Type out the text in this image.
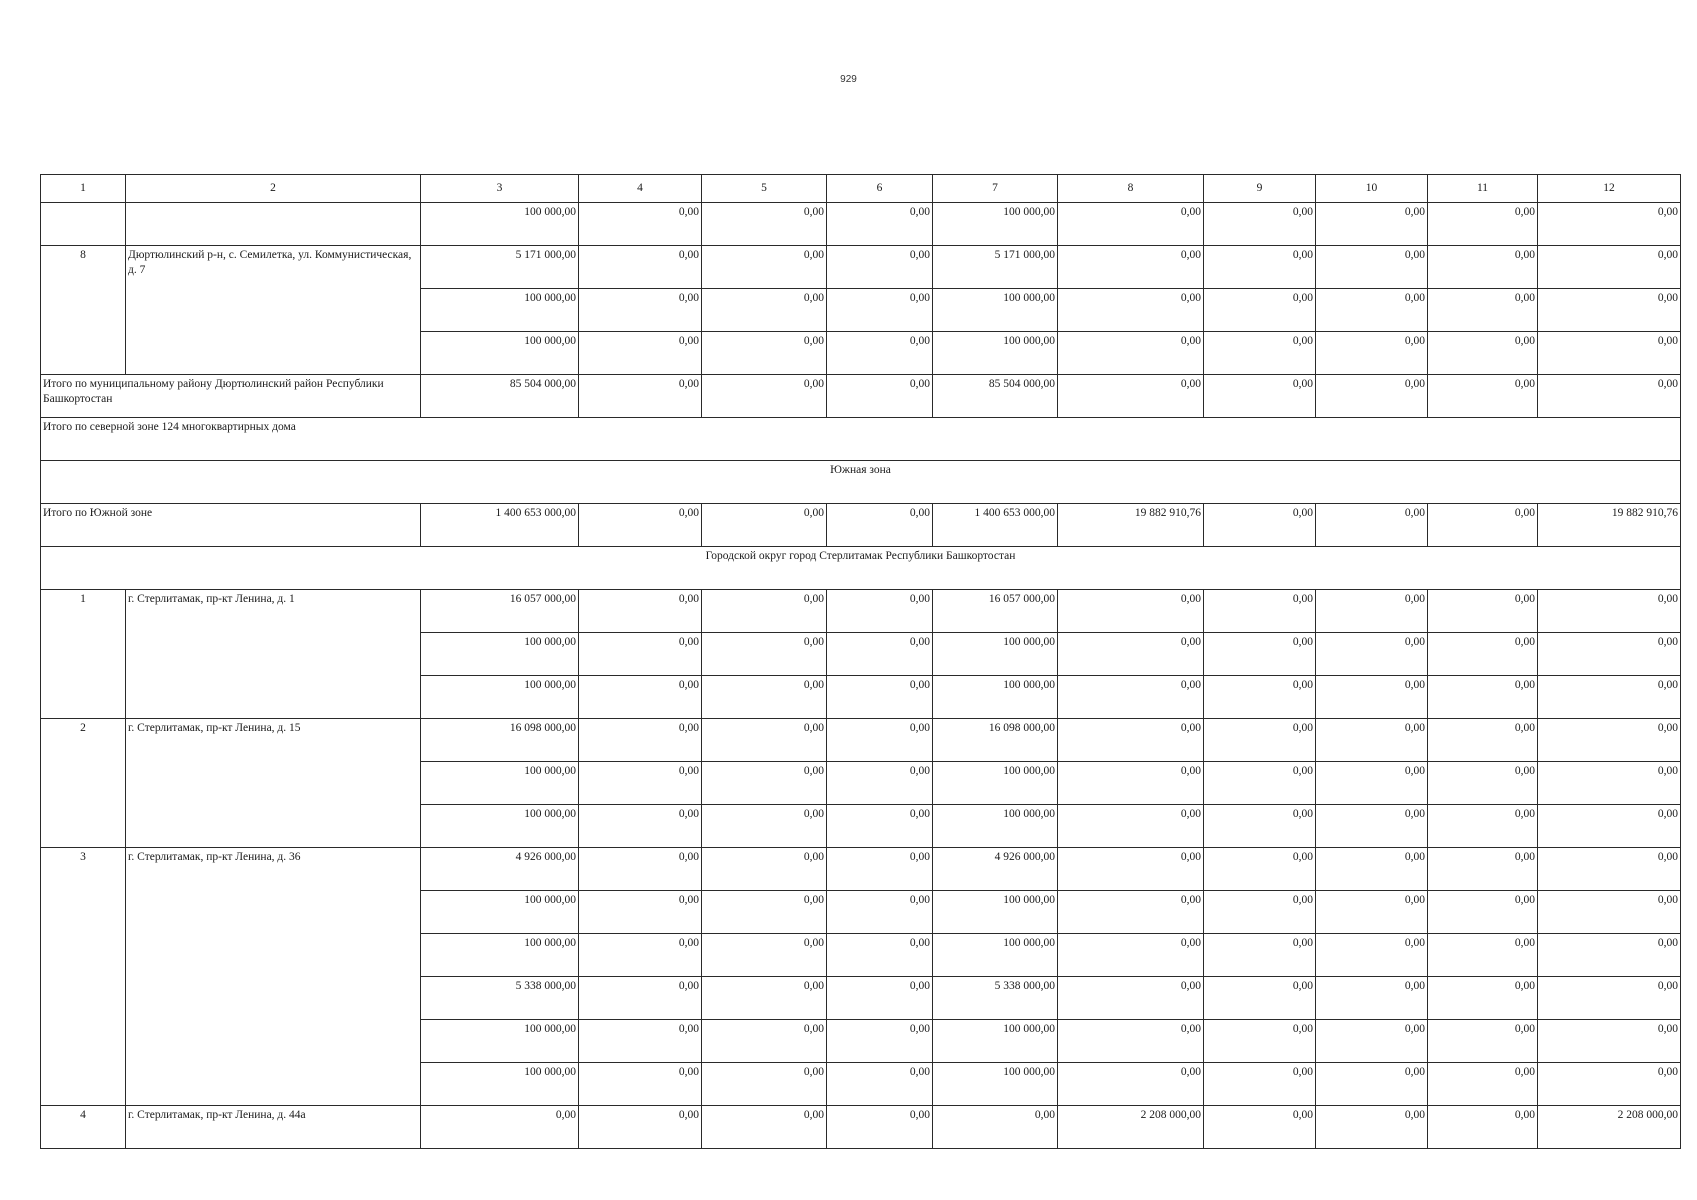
929
1	2	3	4	5	6	7	8	9	10	11	12
		100 000,00	0,00	0,00	0,00	100 000,00	0,00	0,00	0,00	0,00	0,00
8	Дюртюлинский р-н, с. Семилетка, ул. Коммунистическая, д. 7	5 171 000,00	0,00	0,00	0,00	5 171 000,00	0,00	0,00	0,00	0,00	0,00
		100 000,00	0,00	0,00	0,00	100 000,00	0,00	0,00	0,00	0,00	0,00
		100 000,00	0,00	0,00	0,00	100 000,00	0,00	0,00	0,00	0,00	0,00
Итого по муниципальному району Дюртюлинский район Республики Башкортостан		85 504 000,00	0,00	0,00	0,00	85 504 000,00	0,00	0,00	0,00	0,00	0,00
Итого по северной зоне 124 многоквартирных дома											
Южная зона											
Итого по Южной зоне		1 400 653 000,00	0,00	0,00	0,00	1 400 653 000,00	19 882 910,76	0,00	0,00	0,00	19 882 910,76
Городской округ город Стерлитамак Республики Башкортостан											
1	г. Стерлитамак, пр-кт Ленина, д. 1	16 057 000,00	0,00	0,00	0,00	16 057 000,00	0,00	0,00	0,00	0,00	0,00
		100 000,00	0,00	0,00	0,00	100 000,00	0,00	0,00	0,00	0,00	0,00
		100 000,00	0,00	0,00	0,00	100 000,00	0,00	0,00	0,00	0,00	0,00
2	г. Стерлитамак, пр-кт Ленина, д. 15	16 098 000,00	0,00	0,00	0,00	16 098 000,00	0,00	0,00	0,00	0,00	0,00
		100 000,00	0,00	0,00	0,00	100 000,00	0,00	0,00	0,00	0,00	0,00
		100 000,00	0,00	0,00	0,00	100 000,00	0,00	0,00	0,00	0,00	0,00
3	г. Стерлитамак, пр-кт Ленина, д. 36	4 926 000,00	0,00	0,00	0,00	4 926 000,00	0,00	0,00	0,00	0,00	0,00
		100 000,00	0,00	0,00	0,00	100 000,00	0,00	0,00	0,00	0,00	0,00
		100 000,00	0,00	0,00	0,00	100 000,00	0,00	0,00	0,00	0,00	0,00
		5 338 000,00	0,00	0,00	0,00	5 338 000,00	0,00	0,00	0,00	0,00	0,00
		100 000,00	0,00	0,00	0,00	100 000,00	0,00	0,00	0,00	0,00	0,00
		100 000,00	0,00	0,00	0,00	100 000,00	0,00	0,00	0,00	0,00	0,00
4	г. Стерлитамак, пр-кт Ленина, д. 44а	0,00	0,00	0,00	0,00	0,00	2 208 000,00	0,00	0,00	0,00	2 208 000,00
